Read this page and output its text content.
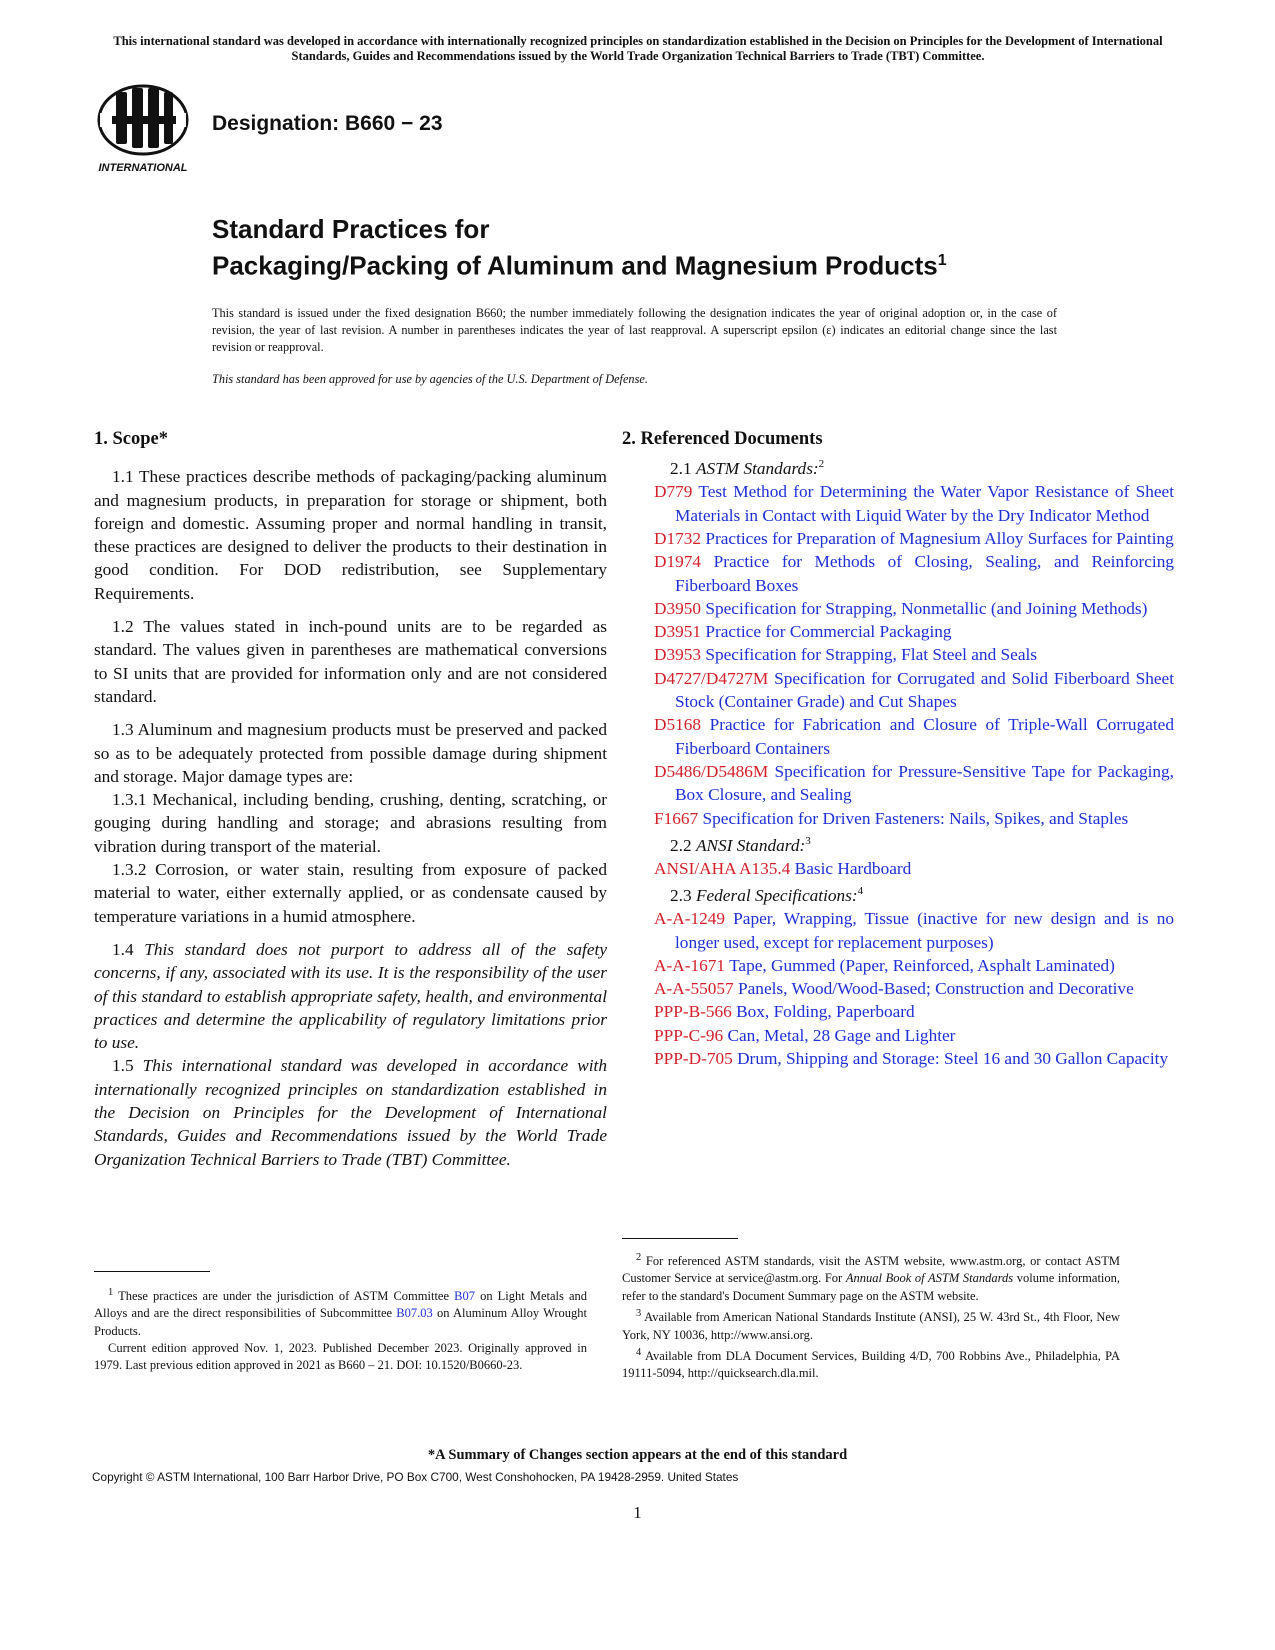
This international standard was developed in accordance with internationally recognized principles on standardization established in the Decision on Principles for the Development of International Standards, Guides and Recommendations issued by the World Trade Organization Technical Barriers to Trade (TBT) Committee.
INTERNATIONAL
Designation: B660 − 23
Standard Practices for
Packaging/Packing of Aluminum and Magnesium Products$^1$
This standard is issued under the fixed designation B660; the number immediately following the designation indicates the year of original adoption or, in the case of revision, the year of last revision. A number in parentheses indicates the year of last reapproval. A superscript epsilon (ε) indicates an editorial change since the last revision or reapproval.
This standard has been approved for use by agencies of the U.S. Department of Defense.
1. Scope*

1.1 These practices describe methods of packaging/packing aluminum and magnesium products, in preparation for storage or shipment, both foreign and domestic. Assuming proper and normal handling in transit, these practices are designed to deliver the products to their destination in good condition. For DOD redistribution, see Supplementary Requirements.

1.2 The values stated in inch-pound units are to be regarded as standard. The values given in parentheses are mathematical conversions to SI units that are provided for information only and are not considered standard.

1.3 Aluminum and magnesium products must be preserved and packed so as to be adequately protected from possible damage during shipment and storage. Major damage types are:

1.3.1 Mechanical, including bending, crushing, denting, scratching, or gouging during handling and storage; and abrasions resulting from vibration during transport of the material.

1.3.2 Corrosion, or water stain, resulting from exposure of packed material to water, either externally applied, or as condensate caused by temperature variations in a humid atmosphere.

1.4 This standard does not purport to address all of the safety concerns, if any, associated with its use. It is the responsibility of the user of this standard to establish appropriate safety, health, and environmental practices and determine the applicability of regulatory limitations prior to use.

1.5 This international standard was developed in accordance with internationally recognized principles on standardization established in the Decision on Principles for the Development of International Standards, Guides and Recommendations issued by the World Trade Organization Technical Barriers to Trade (TBT) Committee.

2. Referenced Documents
2.1 ASTM Standards:$^2$
D779 Test Method for Determining the Water Vapor Resistance of Sheet Materials in Contact with Liquid Water by the Dry Indicator Method
D1732 Practices for Preparation of Magnesium Alloy Surfaces for Painting
D1974 Practice for Methods of Closing, Sealing, and Reinforcing Fiberboard Boxes
D3950 Specification for Strapping, Nonmetallic (and Joining Methods)
D3951 Practice for Commercial Packaging
D3953 Specification for Strapping, Flat Steel and Seals
D4727/D4727M Specification for Corrugated and Solid Fiberboard Sheet Stock (Container Grade) and Cut Shapes
D5168 Practice for Fabrication and Closure of Triple-Wall Corrugated Fiberboard Containers
D5486/D5486M Specification for Pressure-Sensitive Tape for Packaging, Box Closure, and Sealing
F1667 Specification for Driven Fasteners: Nails, Spikes, and Staples
2.2 ANSI Standard:$^3$
ANSI/AHA A135.4 Basic Hardboard
2.3 Federal Specifications:$^4$
A-A-1249 Paper, Wrapping, Tissue (inactive for new design and is no longer used, except for replacement purposes)
A-A-1671 Tape, Gummed (Paper, Reinforced, Asphalt Laminated)
A-A-55057 Panels, Wood/Wood-Based; Construction and Decorative
PPP-B-566 Box, Folding, Paperboard
PPP-C-96 Can, Metal, 28 Gage and Lighter
PPP-D-705 Drum, Shipping and Storage: Steel 16 and 30 Gallon Capacity

$^1$ These practices are under the jurisdiction of ASTM Committee B07 on Light Metals and Alloys and are the direct responsibilities of Subcommittee B07.03 on Aluminum Alloy Wrought Products.

Current edition approved Nov. 1, 2023. Published December 2023. Originally approved in 1979. Last previous edition approved in 2021 as B660 – 21. DOI: 10.1520/B0660-23.

$^2$ For referenced ASTM standards, visit the ASTM website, www.astm.org, or contact ASTM Customer Service at service@astm.org. For Annual Book of ASTM Standards volume information, refer to the standard's Document Summary page on the ASTM website.

$^3$ Available from American National Standards Institute (ANSI), 25 W. 43rd St., 4th Floor, New York, NY 10036, http://www.ansi.org.

$^4$ Available from DLA Document Services, Building 4/D, 700 Robbins Ave., Philadelphia, PA 19111-5094, http://quicksearch.dla.mil.

*A Summary of Changes section appears at the end of this standard
Copyright © ASTM International, 100 Barr Harbor Drive, PO Box C700, West Conshohocken, PA 19428-2959. United States
1
